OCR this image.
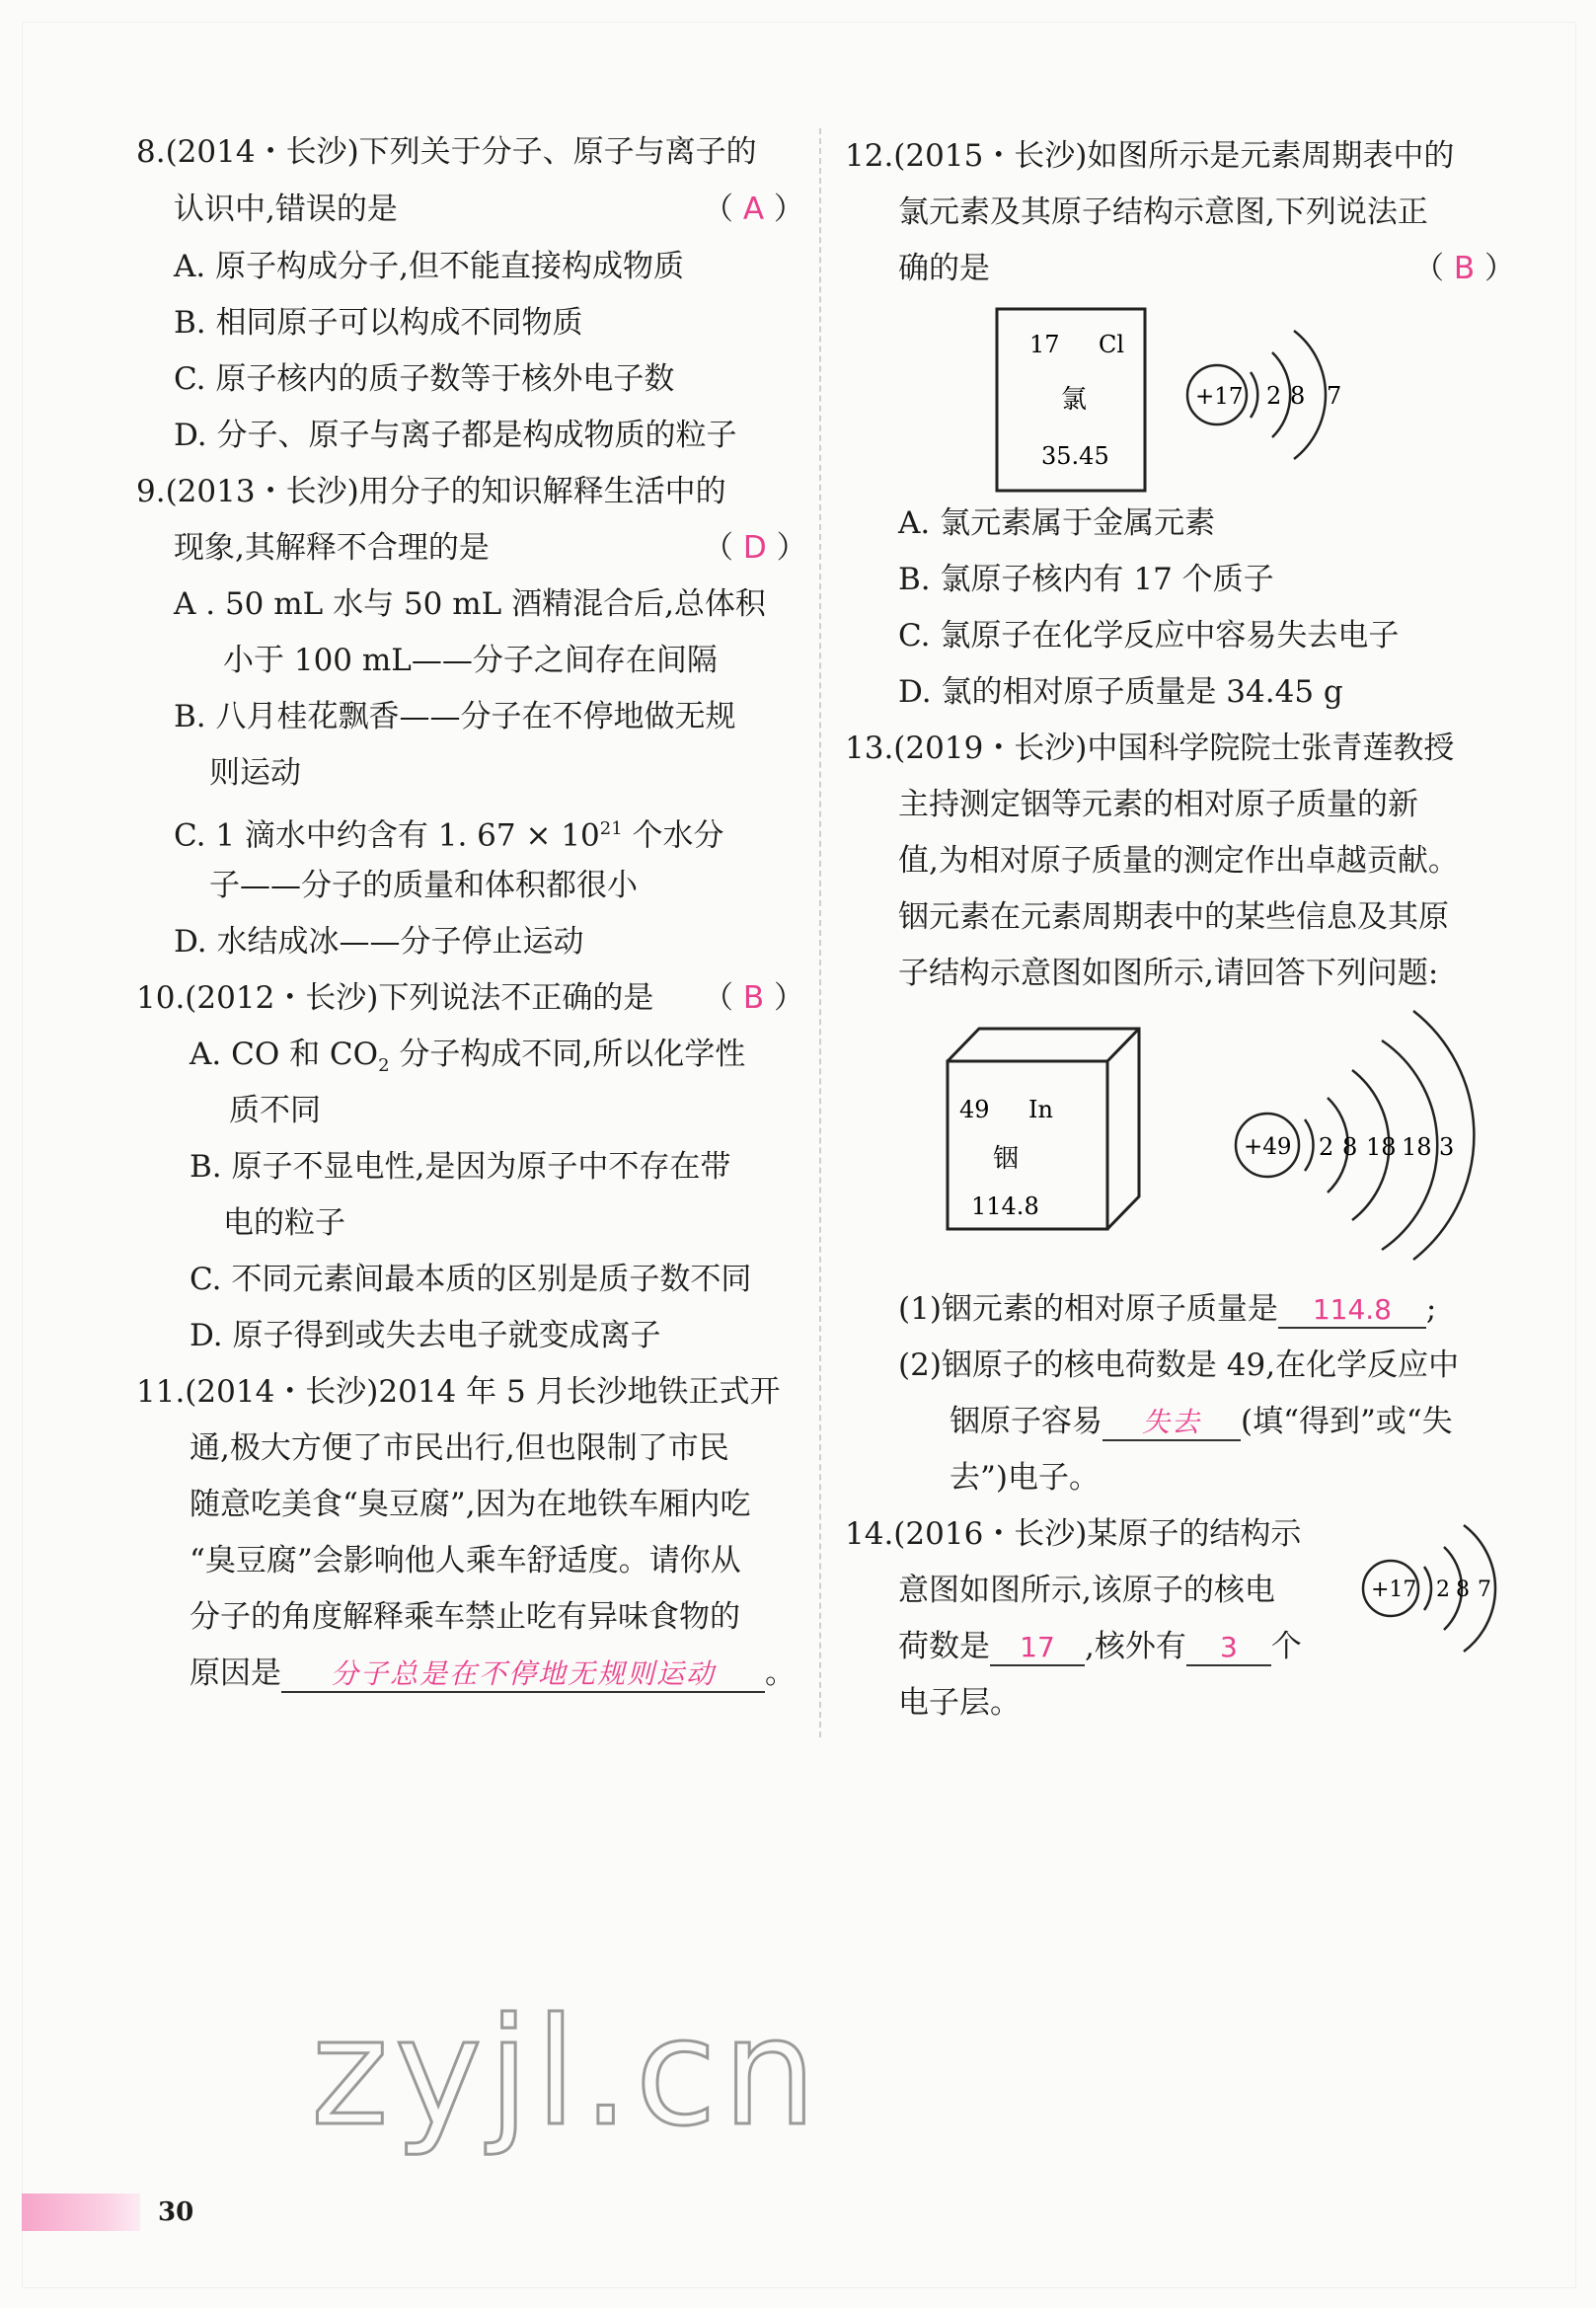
8.(2014・长沙)下列关于分子、原子与离子的
认识中,错误的是	（ A ）
A. 原子构成分子,但不能直接构成物质
B. 相同原子可以构成不同物质
C. 原子核内的质子数等于核外电子数
D. 分子、原子与离子都是构成物质的粒子
9.(2013・长沙)用分子的知识解释生活中的
现象,其解释不合理的是	（ D ）
A . 50 mL 水与 50 mL 酒精混合后,总体积
小于 100 mL——分子之间存在间隔
B. 八月桂花飘香——分子在不停地做无规
则运动
C. 1 滴水中约含有 1. $67 \times 10^{21}$ 个水分
子——分子的质量和体积都很小
D. 水结成冰——分子停止运动
10.(2012・长沙)下列说法不正确的是 （ B ）
A. CO 和 $CO_2$ 分子构成不同,所以化学性
质不同
B. 原子不显电性,是因为原子中不存在带
电的粒子
C. 不同元素间最本质的区别是质子数不同
D. 原子得到或失去电子就变成离子
11.(2014・长沙)2014 年 5 月长沙地铁正式开
通,极大方便了市民出行,但也限制了市民
随意吃美食“臭豆腐”,因为在地铁车厢内吃
“臭豆腐”会影响他人乘车舒适度。请你从
分子的角度解释乘车禁止吃有异味食物的
原因是 分子总是在不停地无规则运动 。
12.(2015・长沙)如图所示是元素周期表中的
氯元素及其原子结构示意图,下列说法正
确的是	（ B ）
17 Cl
氯
35.45
+17 2 8 7
A. 氯元素属于金属元素
B. 氯原子核内有 17 个质子
C. 氯原子在化学反应中容易失去电子
D. 氯的相对原子质量是 34.45 g
13.(2019・长沙)中国科学院院士张青莲教授
主持测定铟等元素的相对原子质量的新
值,为相对原子质量的测定作出卓越贡献。
铟元素在元素周期表中的某些信息及其原
子结构示意图如图所示,请回答下列问题:
49 In
铟
114.8
+49 2 8 18 18 3
(1)铟元素的相对原子质量是 114.8 ;
(2)铟原子的核电荷数是 49,在化学反应中
铟原子容易 失去 (填“得到”或“失
去”)电子。
14.(2016・长沙)某原子的结构示
意图如图所示,该原子的核电
荷数是 17 ,核外有 3 个
电子层。
+17 2 8 7
zyjl.cn
30
